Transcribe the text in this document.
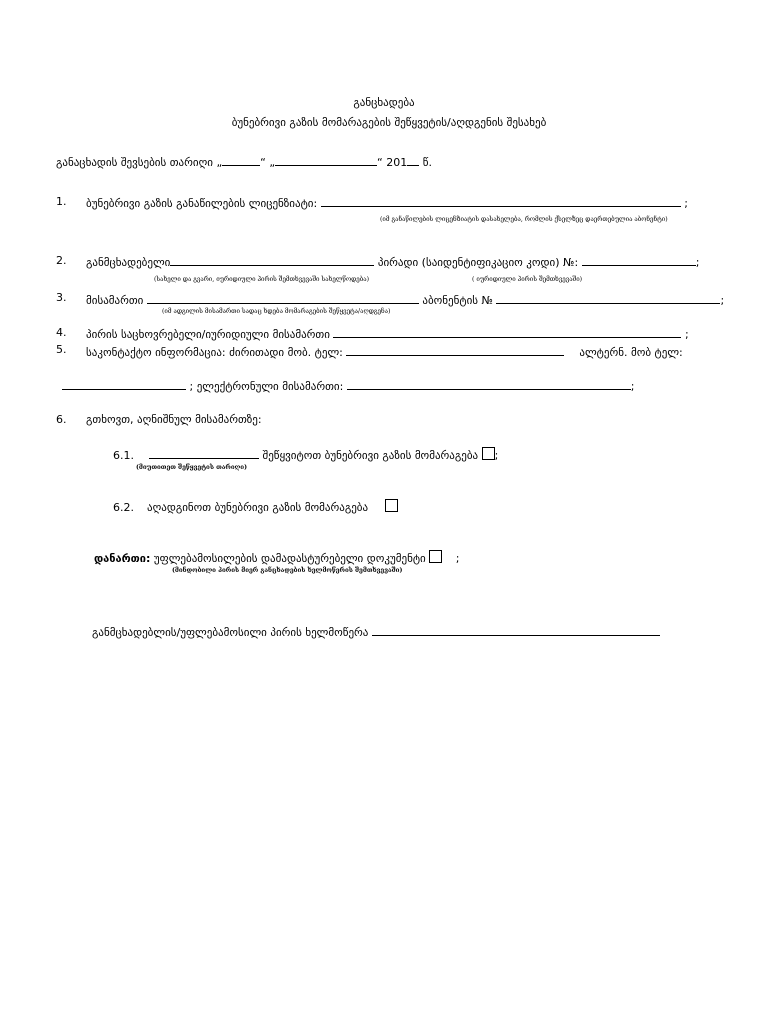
განცხადება
ბუნებრივი გაზის მომარაგების შეწყვეტის/აღდგენის შესახებ
განაცხადის შევსების თარიღი „	“ „	“ 201 წ.
1. ბუნებრივი გაზის განაწილების ლიცენზიატი:	;
(იმ განაწილების ლიცენზიატის დასახელება, რომლის ქსელზეც დაერთებულია აბონენტი)
2. განმცხადებელი	პირადი (საიდენტიფიკაციო კოდი) №:	;
(სახელი და გვარი, იურიდიული პირის შემთხვევაში სახელწოდება)	( იურიდიული პირის შემთხვევაში)
3. მისამართი	აბონენტის №	;
(იმ ადგილის მისამართი სადაც ხდება მომარაგების შეწყვეტა/აღდგენა)
4. პირის საცხოვრებელი/იურიდიული მისამართი	;
5. საკონტაქტო ინფორმაცია: ძირითადი მობ. ტელ:	ალტერნ. მობ ტელ:
; ელექტრონული მისამართი:	;
6. გთხოვთ, აღნიშნულ მისამართზე:
6.1.	შეწყვიტოთ ბუნებრივი გაზის მომარაგება ;
(მიუთითეთ შეწყვეტის თარიღი)
6.2. აღადგინოთ ბუნებრივი გაზის მომარაგება
დანართი: უფლებამოსილების დამადასტურებელი დოკუმენტი	;
(მინდობილი პირის მიერ განცხადების ხელმოწერის შემთხვევაში)
განმცხადებლის/უფლებამოსილი პირის ხელმოწერა
